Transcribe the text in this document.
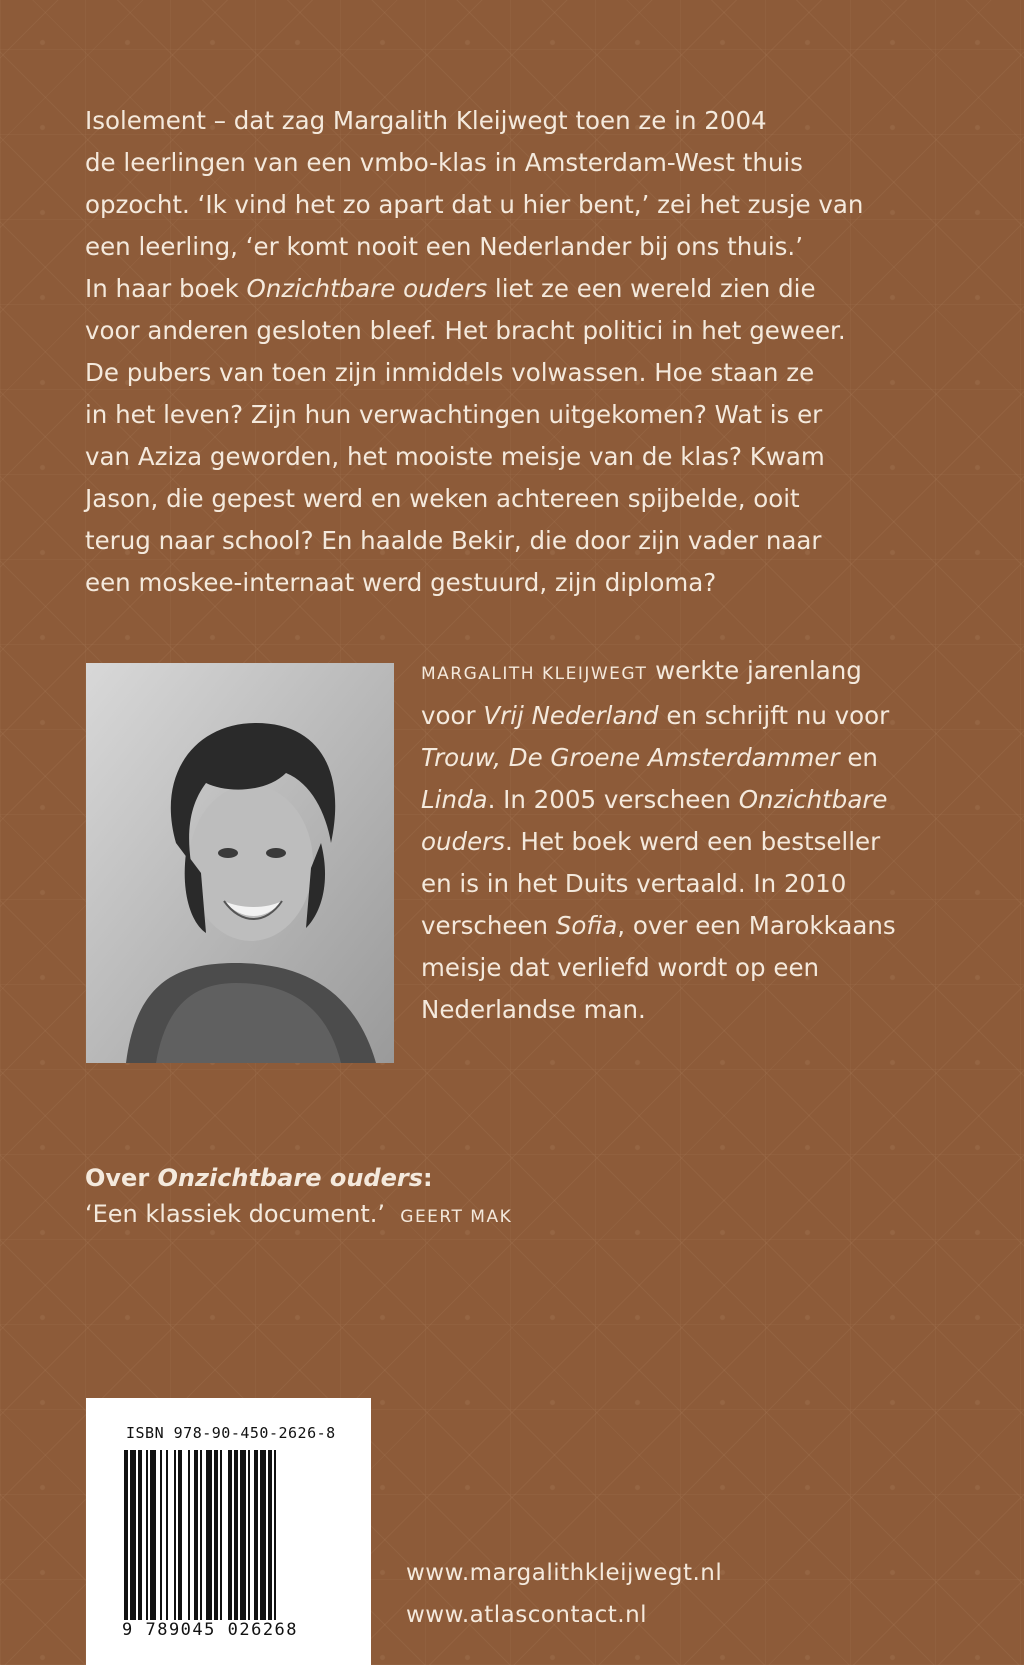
Isolement – dat zag Margalith Kleijwegt toen ze in 2004
de leerlingen van een vmbo-klas in Amsterdam-West thuis
opzocht. ‘Ik vind het zo apart dat u hier bent,’ zei het zusje van
een leerling, ‘er komt nooit een Nederlander bij ons thuis.’
In haar boek Onzichtbare ouders liet ze een wereld zien die
voor anderen gesloten bleef. Het bracht politici in het geweer.
De pubers van toen zijn inmiddels volwassen. Hoe staan ze
in het leven? Zijn hun verwachtingen uitgekomen? Wat is er
van Aziza geworden, het mooiste meisje van de klas? Kwam
Jason, die gepest werd en weken achtereen spijbelde, ooit
terug naar school? En haalde Bekir, die door zijn vader naar
een moskee-internaat werd gestuurd, zijn diploma?

MARGALITH KLEIJWEGT werkte jarenlang
voor Vrij Nederland en schrijft nu voor
Trouw, De Groene Amsterdammer en
Linda. In 2005 verscheen Onzichtbare
ouders. Het boek werd een bestseller
en is in het Duits vertaald. In 2010
verscheen Sofia, over een Marokkaans
meisje dat verliefd wordt op een
Nederlandse man.

Over Onzichtbare ouders:
‘Een klassiek document.’ GEERT MAK
ISBN 978-90-450-2626-8
9 789045 026268
www.margalithkleijwegt.nl
www.atlascontact.nl
